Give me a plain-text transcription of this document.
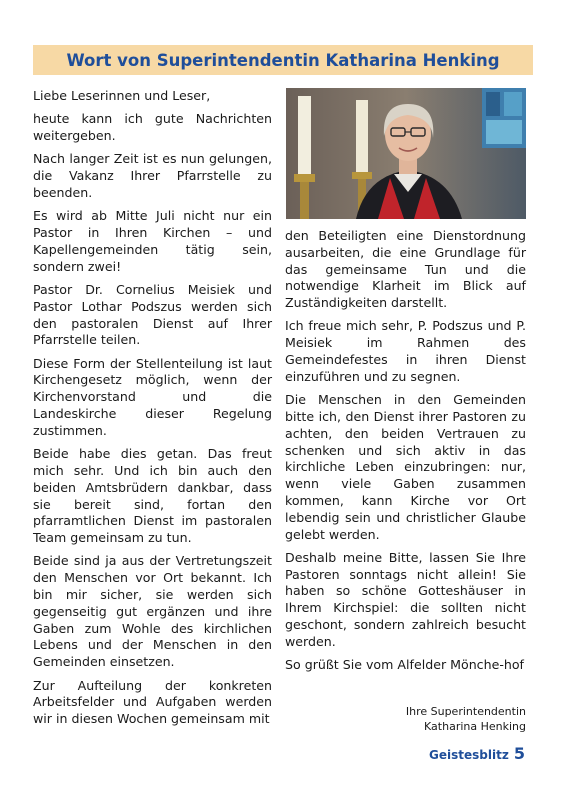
Wort von Superintendentin Katharina Henking

Liebe Leserinnen und Leser,

heute kann ich gute Nachrichten weitergeben.

Nach langer Zeit ist es nun gelungen, die Vakanz Ihrer Pfarrstelle zu beenden.

Es wird ab Mitte Juli nicht nur ein Pastor in Ihren Kirchen – und Kapellengemeinden tätig sein, sondern zwei!

Pastor Dr. Cornelius Meisiek und Pastor Lothar Podszus werden sich den pastoralen Dienst auf Ihrer Pfarrstelle teilen.

Diese Form der Stellenteilung ist laut Kirchengesetz möglich, wenn der Kirchenvorstand und die Landeskirche dieser Regelung zustimmen.

Beide habe dies getan. Das freut mich sehr. Und ich bin auch den beiden Amtsbrüdern dankbar, dass sie bereit sind, fortan den pfarramtlichen Dienst im pastoralen Team gemeinsam zu tun.

Beide sind ja aus der Vertretungszeit den Menschen vor Ort bekannt. Ich bin mir sicher, sie werden sich gegenseitig gut ergänzen und ihre Gaben zum Wohle des kirchlichen Lebens und der Menschen in den Gemeinden einsetzen.

Zur Aufteilung der konkreten Arbeitsfelder und Aufgaben werden wir in diesen Wochen gemeinsam mit

den Beteiligten eine Dienstordnung ausarbeiten, die eine Grundlage für das gemeinsame Tun und die notwendige Klarheit im Blick auf Zuständigkeiten darstellt.

Ich freue mich sehr, P. Podszus und P. Meisiek im Rahmen des Gemeindefestes in ihren Dienst einzuführen und zu segnen.

Die Menschen in den Gemeinden bitte ich, den Dienst ihrer Pastoren zu achten, den beiden Vertrauen zu schenken und sich aktiv in das kirchliche Leben einzubringen: nur, wenn viele Gaben zusammen kommen, kann Kirche vor Ort lebendig sein und christlicher Glaube gelebt werden.

Deshalb meine Bitte, lassen Sie Ihre Pastoren sonntags nicht allein! Sie haben so schöne Gotteshäuser in Ihrem Kirchspiel: die sollten nicht geschont, sondern zahlreich besucht werden.

So grüßt Sie vom Alfelder Mönche-hof

Ihre Superintendentin
Katharina Henking
Geistesblitz 5
